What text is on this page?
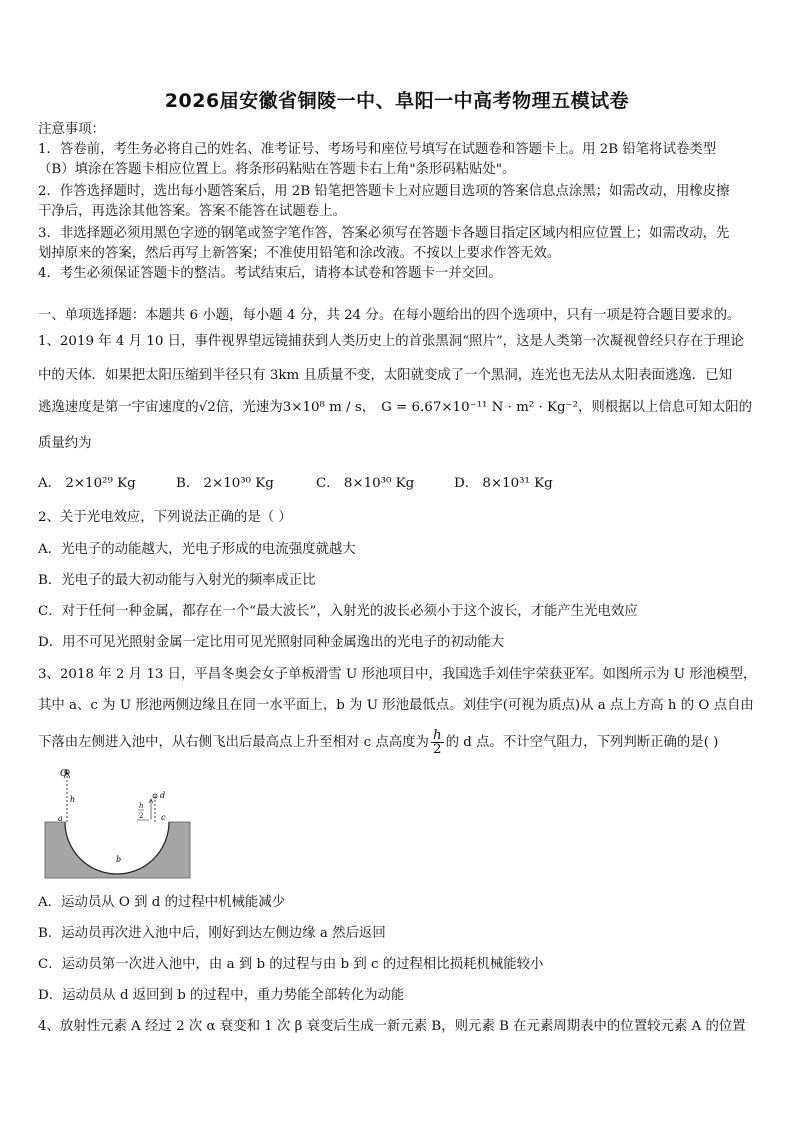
2026届安徽省铜陵一中、阜阳一中高考物理五模试卷
注意事项：
1．答卷前，考生务必将自己的姓名、准考证号、考场号和座位号填写在试题卷和答题卡上。用 2B 铅笔将试卷类型
（B）填涂在答题卡相应位置上。将条形码粘贴在答题卡右上角"条形码粘贴处"。
2．作答选择题时，选出每小题答案后，用 2B 铅笔把答题卡上对应题目选项的答案信息点涂黑；如需改动，用橡皮擦
干净后，再选涂其他答案。答案不能答在试题卷上。
3．非选择题必须用黑色字迹的钢笔或签字笔作答，答案必须写在答题卡各题目指定区域内相应位置上；如需改动，先
划掉原来的答案，然后再写上新答案；不准使用铅笔和涂改液。不按以上要求作答无效。
4．考生必须保证答题卡的整洁。考试结束后，请将本试卷和答题卡一并交回。
一、单项选择题：本题共 6 小题，每小题 4 分，共 24 分。在每小题给出的四个选项中，只有一项是符合题目要求的。
1、2019 年 4 月 10 日，事件视界望远镜捕获到人类历史上的首张黑洞“照片”，这是人类第一次凝视曾经只存在于理论
中的天体．如果把太阳压缩到半径只有 3km 且质量不变，太阳就变成了一个黑洞，连光也无法从太阳表面逃逸．已知
逃逸速度是第一宇宙速度的√2倍，光速为3×10⁸ m / s， G = 6.67×10⁻¹¹ N · m² · Kg⁻²，则根据以上信息可知太阳的
质量约为
A． 2×10²⁹ Kg	B． 2×10³⁰ Kg	C． 8×10³⁰ Kg	D． 8×10³¹ Kg
2、关于光电效应，下列说法正确的是（ ）
A．光电子的动能越大，光电子形成的电流强度就越大
B．光电子的最大初动能与入射光的频率成正比
C．对于任何一种金属，都存在一个“最大波长”，入射光的波长必须小于这个波长，才能产生光电效应
D．用不可见光照射金属一定比用可见光照射同种金属逸出的光电子的初动能大
3、2018 年 2 月 13 日，平昌冬奥会女子单板滑雪 U 形池项目中，我国选手刘佳宇荣获亚军。如图所示为 U 形池模型，
其中 a、c 为 U 形池两侧边缘且在同一水平面上，b 为 U 形池最低点。刘佳宇(可视为质点)从 a 点上方高 h 的 O 点自由
下落由左侧进入池中，从右侧飞出后最高点上升至相对 c 点高度为 $\frac{h}{2}$ 的 d 点。不计空气阻力，下列判断正确的是( )
O
h
h
2
d
a	c
b
A．运动员从 O 到 d 的过程中机械能减少
B．运动员再次进入池中后，刚好到达左侧边缘 a 然后返回
C．运动员第一次进入池中，由 a 到 b 的过程与由 b 到 c 的过程相比损耗机械能较小
D．运动员从 d 返回到 b 的过程中，重力势能全部转化为动能
4、放射性元素 A 经过 2 次 α 衰变和 1 次 β 衰变后生成一新元素 B，则元素 B 在元素周期表中的位置较元素 A 的位置
